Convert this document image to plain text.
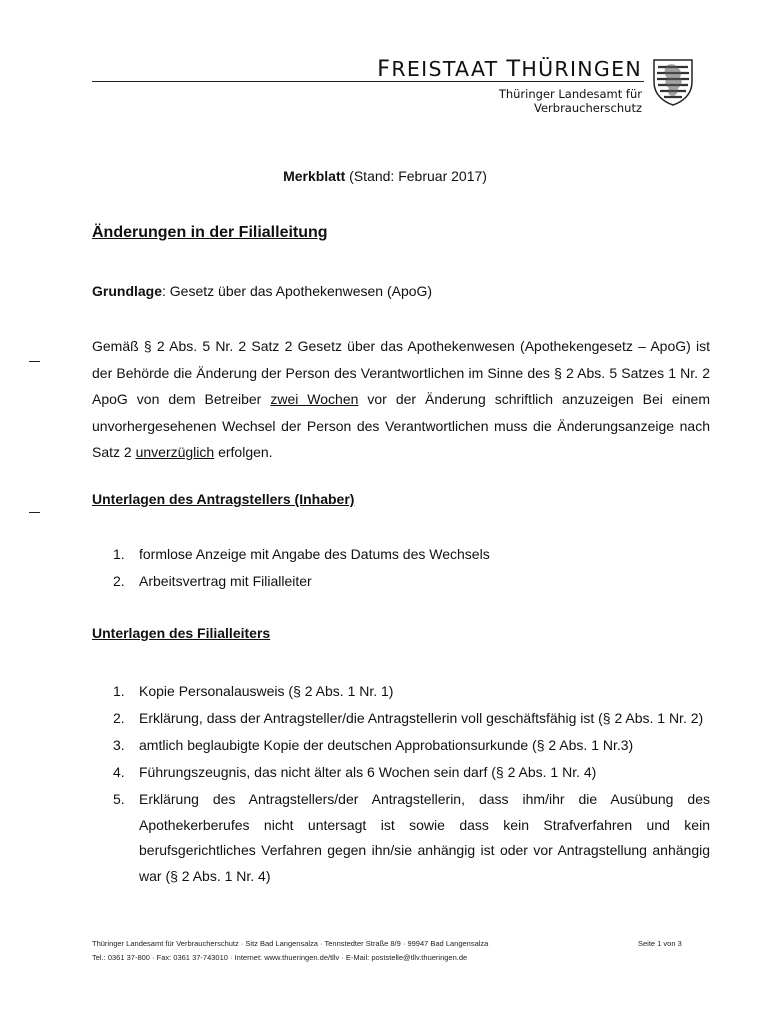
FREISTAAT THÜRINGEN
Thüringer Landesamt für
Verbraucherschutz
Merkblatt (Stand: Februar 2017)
Änderungen in der Filialleitung
Grundlage: Gesetz über das Apothekenwesen (ApoG)
Gemäß § 2 Abs. 5 Nr. 2 Satz 2 Gesetz über das Apothekenwesen (Apothekengesetz – ApoG) ist der Behörde die Änderung der Person des Verantwortlichen im Sinne des § 2 Abs. 5 Satzes 1 Nr. 2 ApoG von dem Betreiber zwei Wochen vor der Änderung schriftlich anzuzeigen Bei einem unvorhergesehenen Wechsel der Person des Verantwortlichen muss die Änderungsanzeige nach Satz 2 unverzüglich erfolgen.
Unterlagen des Antragstellers (Inhaber)
1. formlose Anzeige mit Angabe des Datums des Wechsels
2. Arbeitsvertrag mit Filialleiter
Unterlagen des Filialleiters
1. Kopie Personalausweis (§ 2 Abs. 1 Nr. 1)
2. Erklärung, dass der Antragsteller/die Antragstellerin voll geschäftsfähig ist (§ 2 Abs. 1 Nr. 2)
3. amtlich beglaubigte Kopie der deutschen Approbationsurkunde (§ 2 Abs. 1 Nr.3)
4. Führungszeugnis, das nicht älter als 6 Wochen sein darf (§ 2 Abs. 1 Nr. 4)
5. Erklärung des Antragstellers/der Antragstellerin, dass ihm/ihr die Ausübung des Apothekerberufes nicht untersagt ist sowie dass kein Strafverfahren und kein berufsgerichtliches Verfahren gegen ihn/sie anhängig ist oder vor Antragstellung anhängig war (§ 2 Abs. 1 Nr. 4)
Thüringer Landesamt für Verbraucherschutz · Sitz Bad Langensalza · Tennstedter Straße 8/9 · 99947 Bad Langensalza
Tel.: 0361 37-800 · Fax: 0361 37-743010 · Internet: www.thueringen.de/tllv · E-Mail: poststelle@tllv.thueringen.de
Seite 1 von 3
